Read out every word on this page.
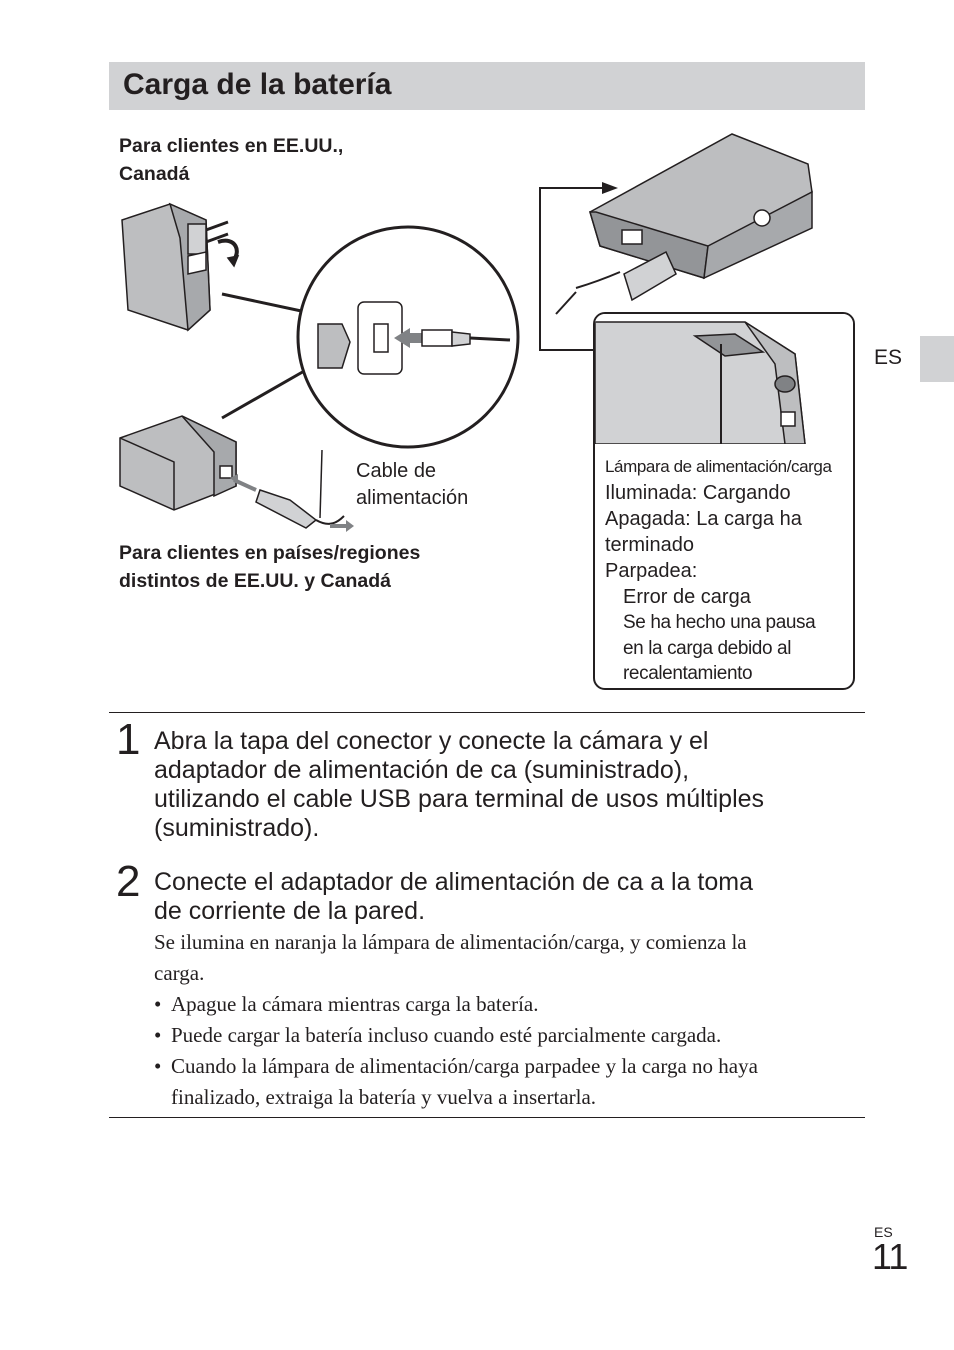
Carga de la batería
Para clientes en EE.UU.,
Canadá
Para clientes en países/regiones
distintos de EE.UU. y Canadá
Cable de
alimentación
Lámpara de alimentación/carga
Iluminada: Cargando
Apagada: La carga ha
terminado
Parpadea:
Error de carga
Se ha hecho una pausa
en la carga debido al
recalentamiento
ES
1 Abra la tapa del conector y conecte la cámara y el
adaptador de alimentación de ca (suministrado),
utilizando el cable USB para terminal de usos múltiples
(suministrado).
2 Conecte el adaptador de alimentación de ca a la toma
de corriente de la pared.
Se ilumina en naranja la lámpara de alimentación/carga, y comienza la
carga.
• Apague la cámara mientras carga la batería.
• Puede cargar la batería incluso cuando esté parcialmente cargada.
• Cuando la lámpara de alimentación/carga parpadee y la carga no haya
finalizado, extraiga la batería y vuelva a insertarla.
ES
11
